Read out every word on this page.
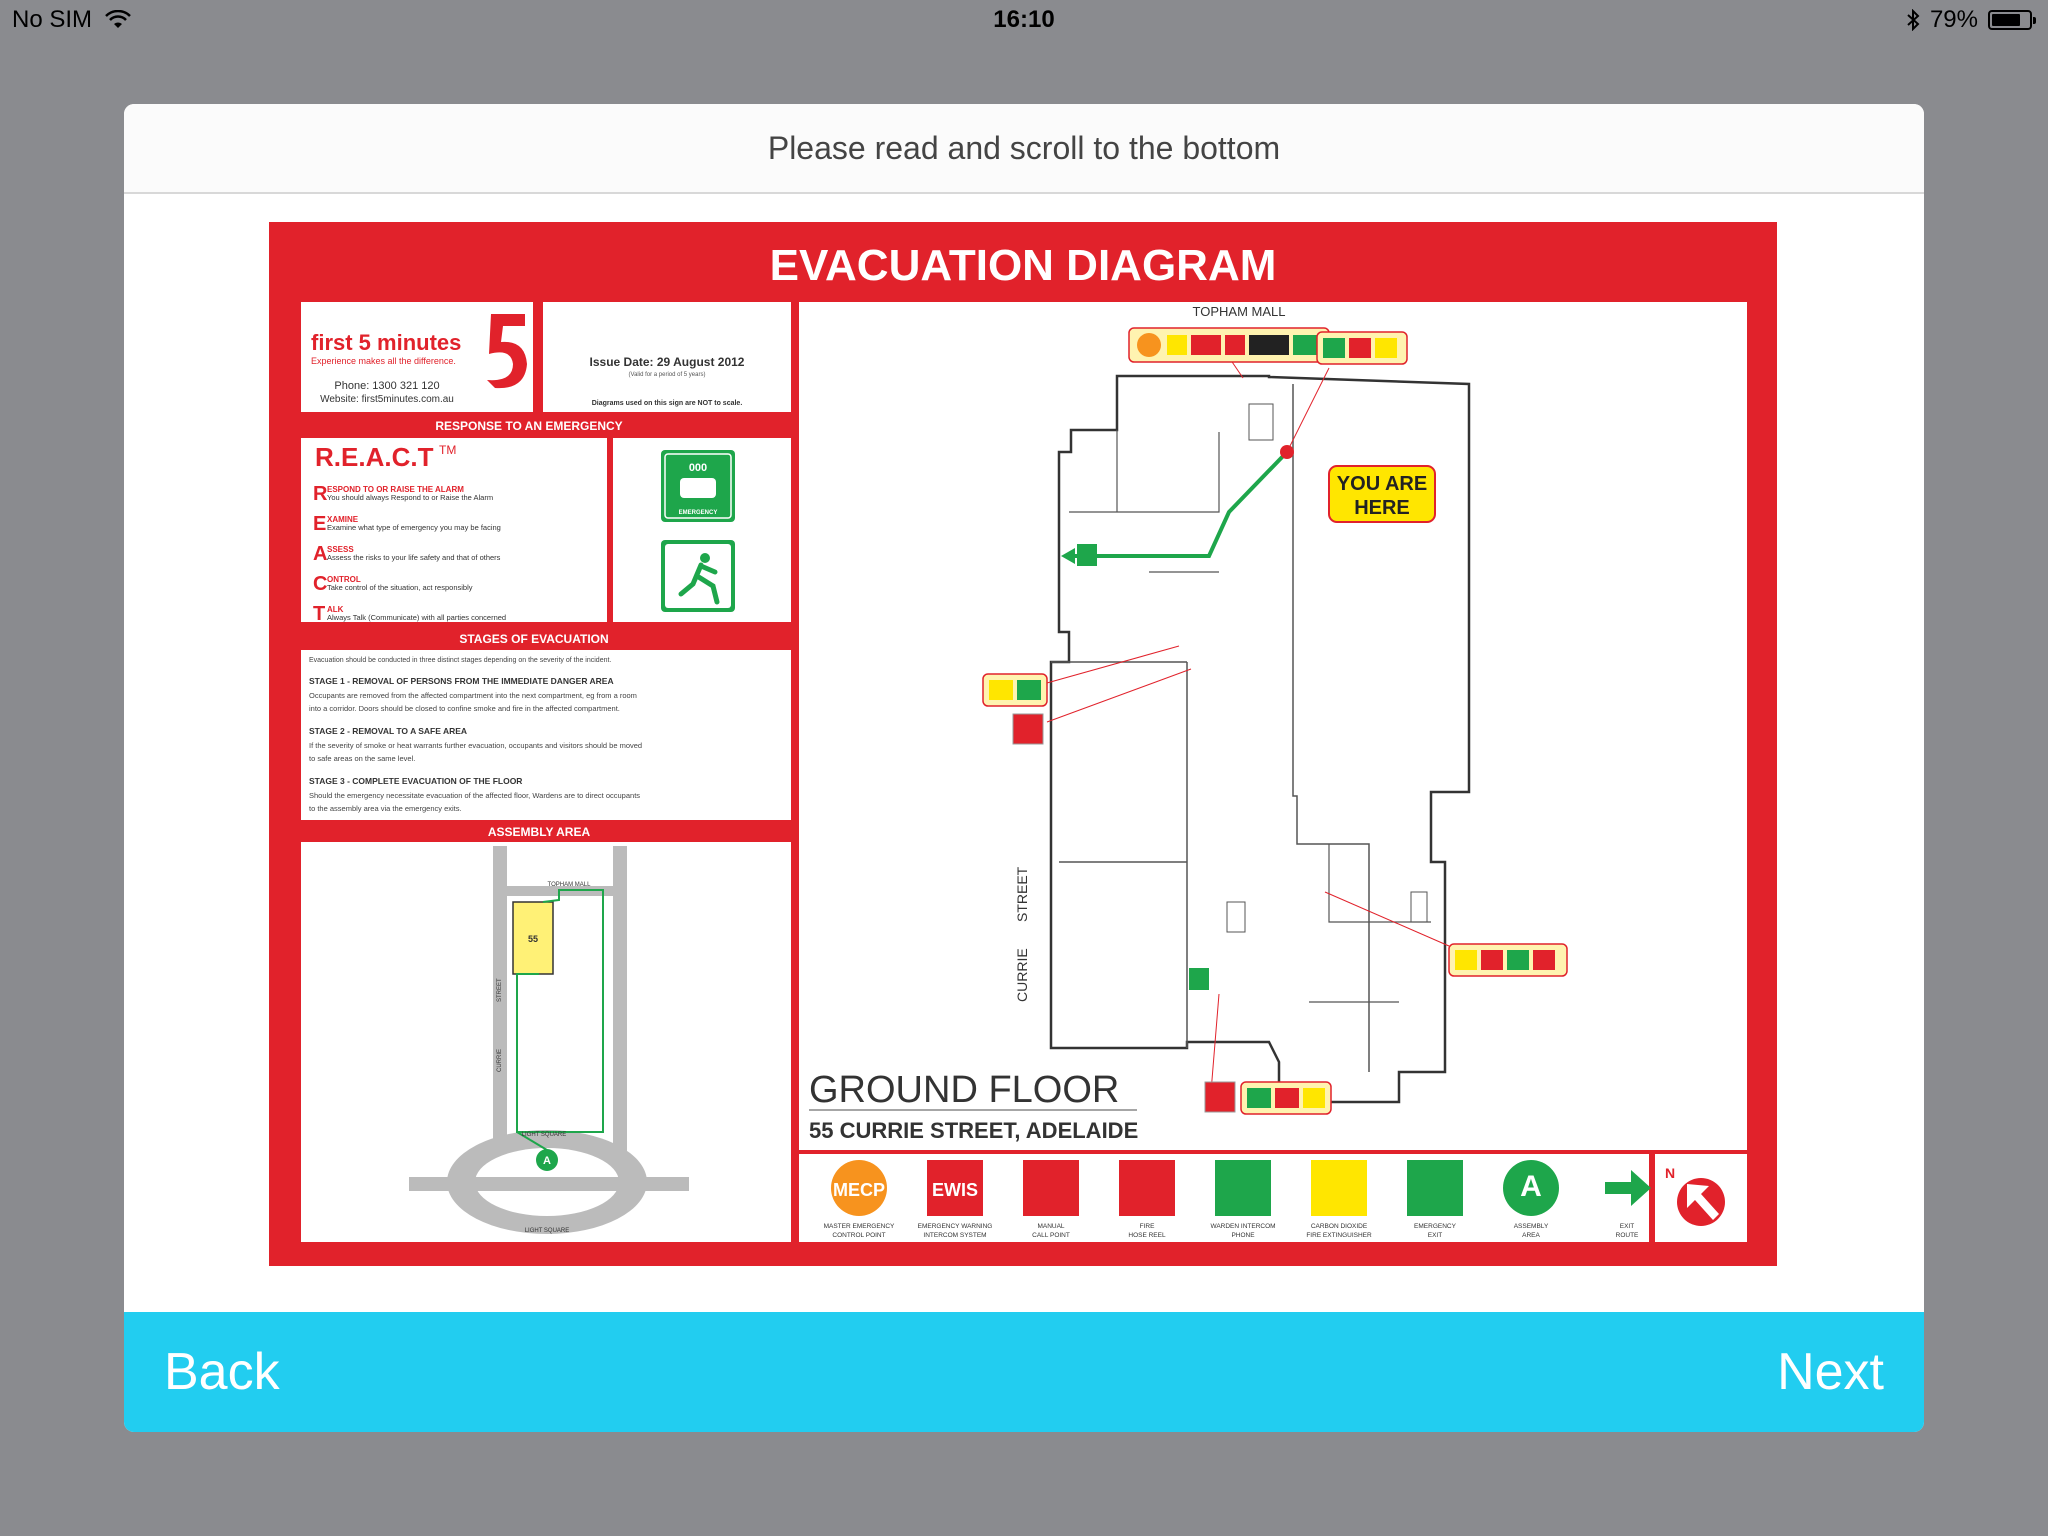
No SIM	16:10	79%
Please read and scroll to the bottom
EVACUATION DIAGRAM
first 5 minutes
Experience makes all the difference.
Phone: 1300 321 120
Website: first5minutes.com.au
Issue Date: 29 August 2012
(Valid for a period of 5 years)
Diagrams used on this sign are NOT to scale.
RESPONSE TO AN EMERGENCY
R.E.A.C.T TM
R ESPOND TO OR RAISE THE ALARM
You should always Respond to or Raise the Alarm
E XAMINE
Examine what type of emergency you may be facing
A SSESS
Assess the risks to your life safety and that of others
C ONTROL
Take control of the situation, act responsibly
T ALK
Always Talk (Communicate) with all parties concerned
000
EMERGENCY
STAGES OF EVACUATION
Evacuation should be conducted in three distinct stages depending on the severity of the incident.
STAGE 1 - REMOVAL OF PERSONS FROM THE IMMEDIATE DANGER AREA
Occupants are removed from the affected compartment into the next compartment, eg from a room
into a corridor. Doors should be closed to confine smoke and fire in the affected compartment.
STAGE 2 - REMOVAL TO A SAFE AREA
If the severity of smoke or heat warrants further evacuation, occupants and visitors should be moved
to safe areas on the same level.
STAGE 3 - COMPLETE EVACUATION OF THE FLOOR
Should the emergency necessitate evacuation of the affected floor, Wardens are to direct occupants
to the assembly area via the emergency exits.
ASSEMBLY AREA
55
A
TOPHAM MALL
CURRIE
STREET
LIGHT SQUARE
LIGHT SQUARE
TOPHAM MALL
YOU ARE
HERE
CURRIE
STREET
GROUND FLOOR
55 CURRIE STREET, ADELAIDE
MECP
MASTER EMERGENCY
CONTROL POINT
EWIS
EMERGENCY WARNING
INTERCOM SYSTEM
MANUAL
CALL POINT
FIRE
HOSE REEL
WARDEN INTERCOM
PHONE
CARBON DIOXIDE
FIRE EXTINGUISHER
EMERGENCY
EXIT
A
ASSEMBLY
AREA
EXIT
ROUTE
N
Back	Next
